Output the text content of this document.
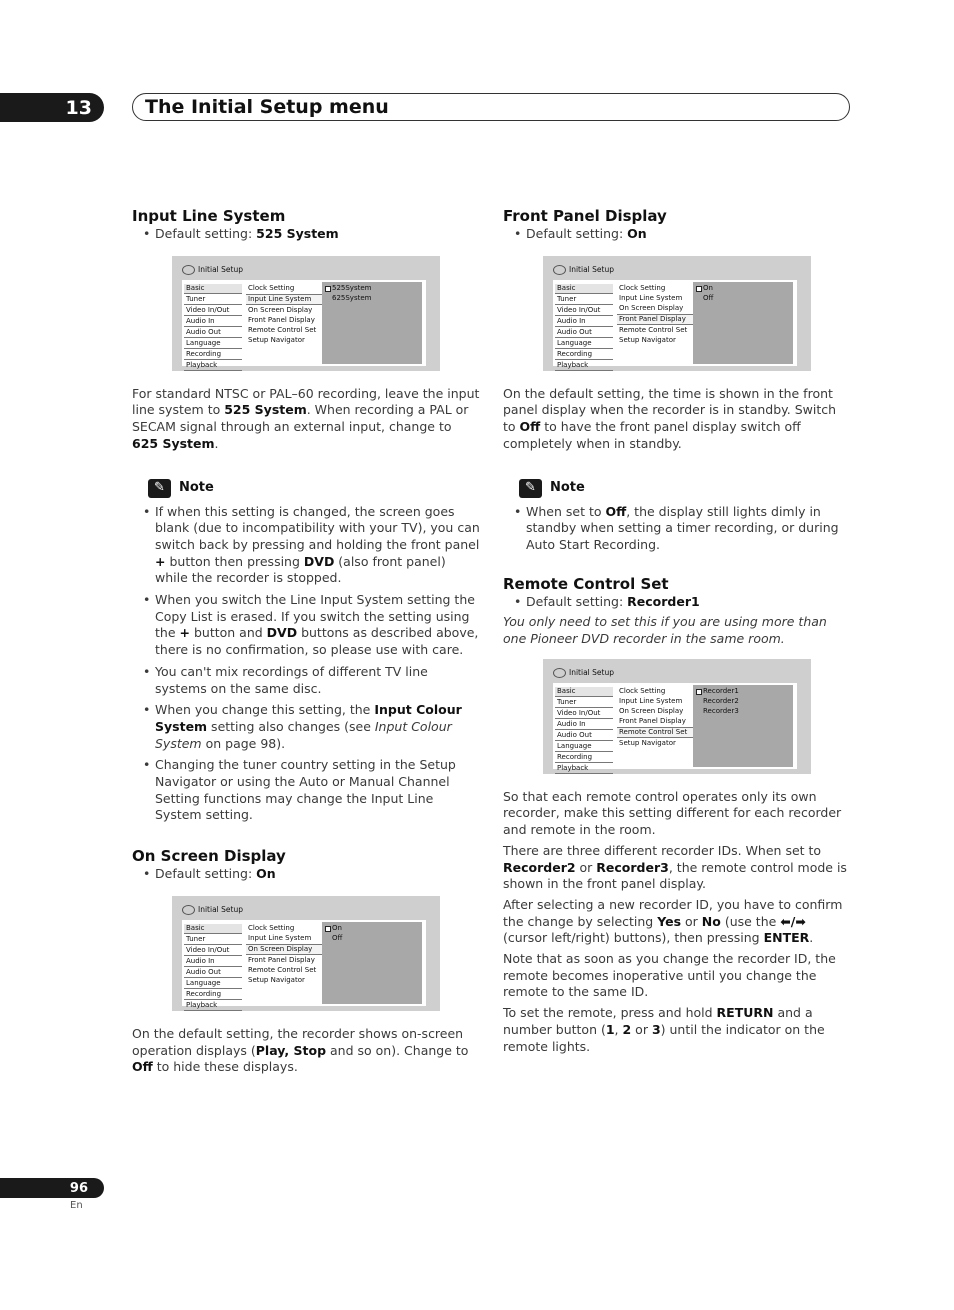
13	The Initial Setup menu
Input Line System

• Default setting: 525 System

Initial Setup
Basic
Tuner
Video In/Out
Audio In
Audio Out
Language
Recording
Playback
Clock Setting
Input Line System
On Screen Display
Front Panel Display
Remote Control Set
Setup Navigator
525System
625System

For standard NTSC or PAL–60 recording, leave the input line system to 525 System. When recording a PAL or SECAM signal through an external input, change to 625 System.

✎	Note
• If when this setting is changed, the screen goes blank (due to incompatibility with your TV), you can switch back by pressing and holding the front panel + button then pressing DVD (also front panel) while the recorder is stopped.
• When you switch the Line Input System setting the Copy List is erased. If you switch the setting using the + button and DVD buttons as described above, there is no confirmation, so please use with care.
• You can't mix recordings of different TV line systems on the same disc.
• When you change this setting, the Input Colour System setting also changes (see Input Colour System on page 98).
• Changing the tuner country setting in the Setup Navigator or using the Auto or Manual Channel Setting functions may change the Input Line System setting.
On Screen Display

• Default setting: On

Initial Setup
Basic
Tuner
Video In/Out
Audio In
Audio Out
Language
Recording
Playback
Clock Setting
Input Line System
On Screen Display
Front Panel Display
Remote Control Set
Setup Navigator
On
Off

On the default setting, the recorder shows on-screen operation displays (Play, Stop and so on). Change to Off to hide these displays.

Front Panel Display

• Default setting: On

Initial Setup
Basic
Tuner
Video In/Out
Audio In
Audio Out
Language
Recording
Playback
Clock Setting
Input Line System
On Screen Display
Front Panel Display
Remote Control Set
Setup Navigator
On
Off

On the default setting, the time is shown in the front panel display when the recorder is in standby. Switch to Off to have the front panel display switch off completely when in standby.

✎	Note
• When set to Off, the display still lights dimly in standby when setting a timer recording, or during Auto Start Recording.
Remote Control Set

• Default setting: Recorder1

You only need to set this if you are using more than one Pioneer DVD recorder in the same room.

Initial Setup
Basic
Tuner
Video In/Out
Audio In
Audio Out
Language
Recording
Playback
Clock Setting
Input Line System
On Screen Display
Front Panel Display
Remote Control Set
Setup Navigator
Recorder1
Recorder2
Recorder3

So that each remote control operates only its own recorder, make this setting different for each recorder and remote in the room.

There are three different recorder IDs. When set to Recorder2 or Recorder3, the remote control mode is shown in the front panel display.

After selecting a new recorder ID, you have to confirm the change by selecting Yes or No (use the ⬅/➡ (cursor left/right) buttons), then pressing ENTER.

Note that as soon as you change the recorder ID, the remote becomes inoperative until you change the remote to the same ID.

To set the remote, press and hold RETURN and a number button (1, 2 or 3) until the indicator on the remote lights.

96
En
